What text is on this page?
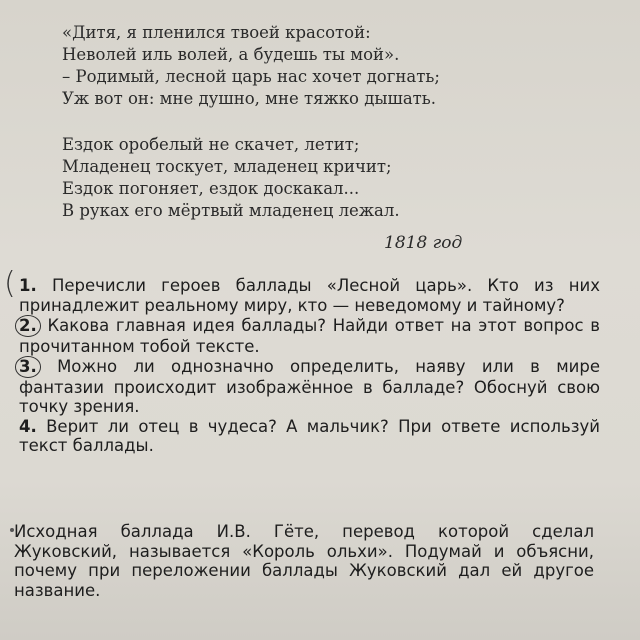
«Дитя, я пленился твоей красотой:
Неволей иль волей, а будешь ты мой».
– Родимый, лесной царь нас хочет догнать;
Уж вот он: мне душно, мне тяжко дышать.
Ездок оробелый не скачет, летит;
Младенец тоскует, младенец кричит;
Ездок погоняет, ездок доскакал...
В руках его мёртвый младенец лежал.
1818 год
( 1. Перечисли героев баллады «Лесной царь». Кто из них принадлежит реальному миру, кто — неведомому и тайному?
2. Какова главная идея баллады? Найди ответ на этот вопрос в прочитанном тобой тексте.
3. Можно ли однозначно определить, наяву или в мире фантазии происходит изображённое в балладе? Обоснуй свою точку зрения.
4. Верит ли отец в чудеса? А мальчик? При ответе используй текст баллады.
Исходная баллада И.В. Гёте, перевод которой сделал Жуковский, называется «Король ольхи». Подумай и объясни, почему при переложении баллады Жуковский дал ей другое название.
